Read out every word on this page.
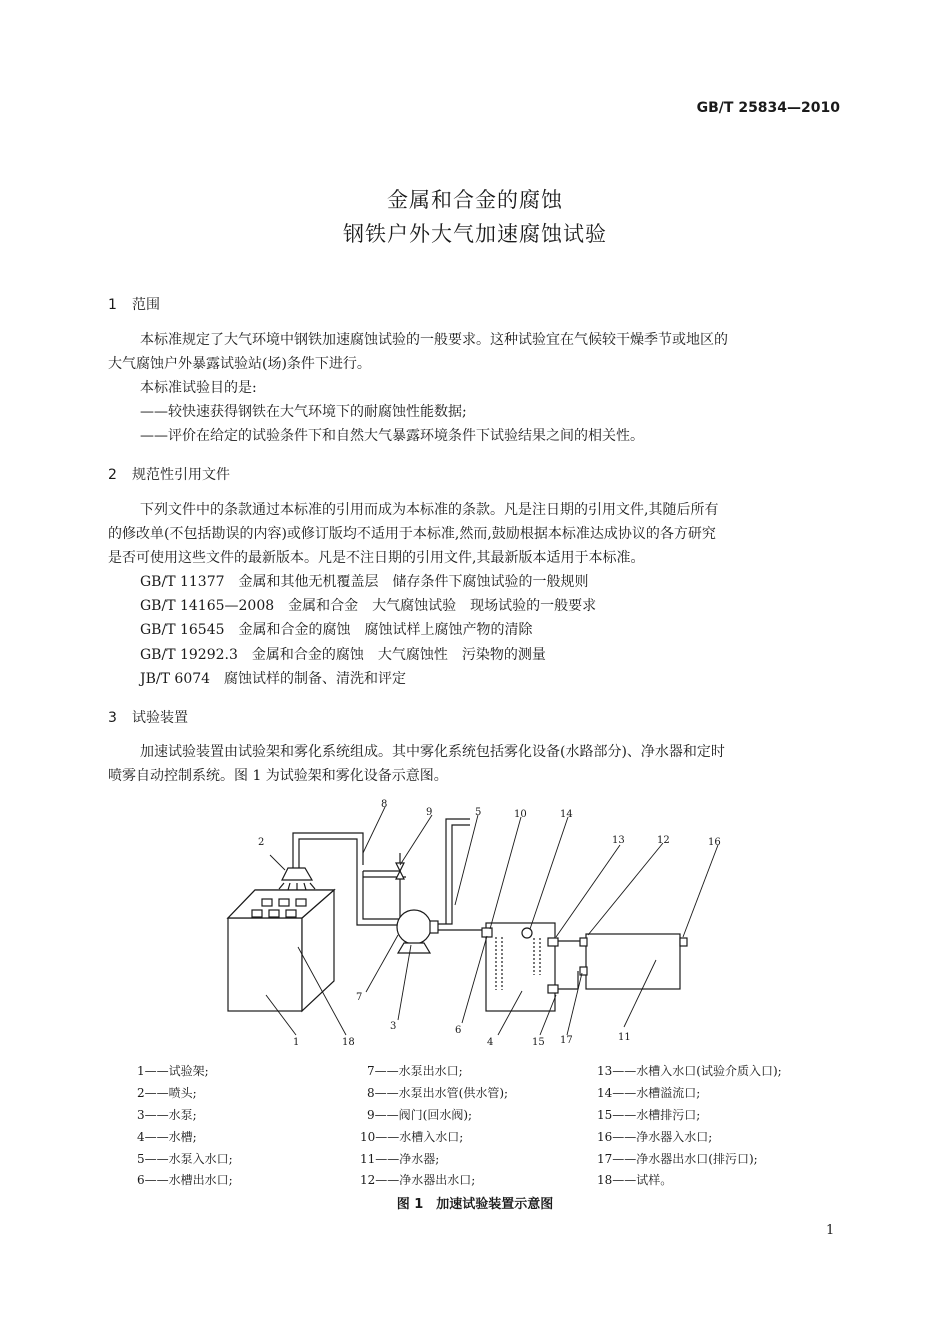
GB/T 25834—2010
金属和合金的腐蚀
钢铁户外大气加速腐蚀试验
1 范围
本标准规定了大气环境中钢铁加速腐蚀试验的一般要求。这种试验宜在气候较干燥季节或地区的
大气腐蚀户外暴露试验站(场)条件下进行。
本标准试验目的是:
——较快速获得钢铁在大气环境下的耐腐蚀性能数据;
——评价在给定的试验条件下和自然大气暴露环境条件下试验结果之间的相关性。
2 规范性引用文件
下列文件中的条款通过本标准的引用而成为本标准的条款。凡是注日期的引用文件,其随后所有
的修改单(不包括勘误的内容)或修订版均不适用于本标准,然而,鼓励根据本标准达成协议的各方研究
是否可使用这些文件的最新版本。凡是不注日期的引用文件,其最新版本适用于本标准。
GB/T 11377　金属和其他无机覆盖层　储存条件下腐蚀试验的一般规则
GB/T 14165—2008　金属和合金　大气腐蚀试验　现场试验的一般要求
GB/T 16545　金属和合金的腐蚀　腐蚀试样上腐蚀产物的清除
GB/T 19292.3　金属和合金的腐蚀　大气腐蚀性　污染物的测量
JB/T 6074　腐蚀试样的制备、清洗和评定
3 试验装置
加速试验装置由试验架和雾化系统组成。其中雾化系统包括雾化设备(水路部分)、净水器和定时
喷雾自动控制系统。图 1 为试验架和雾化设备示意图。
1
2
3
4
5
6
7
8
9	10
11
12
13
14
15
16
17
18
1——试验架;	7——水泵出水口;	13——水槽入水口(试验介质入口);
2——喷头;	8——水泵出水管(供水管);	14——水槽溢流口;
3——水泵;	9——阀门(回水阀);	15——水槽排污口;
4——水槽;	10——水槽入水口;	16——净水器入水口;
5——水泵入水口;	11——净水器;	17——净水器出水口(排污口);
6——水槽出水口;	12——净水器出水口;	18——试样。
图 1　加速试验装置示意图
1
